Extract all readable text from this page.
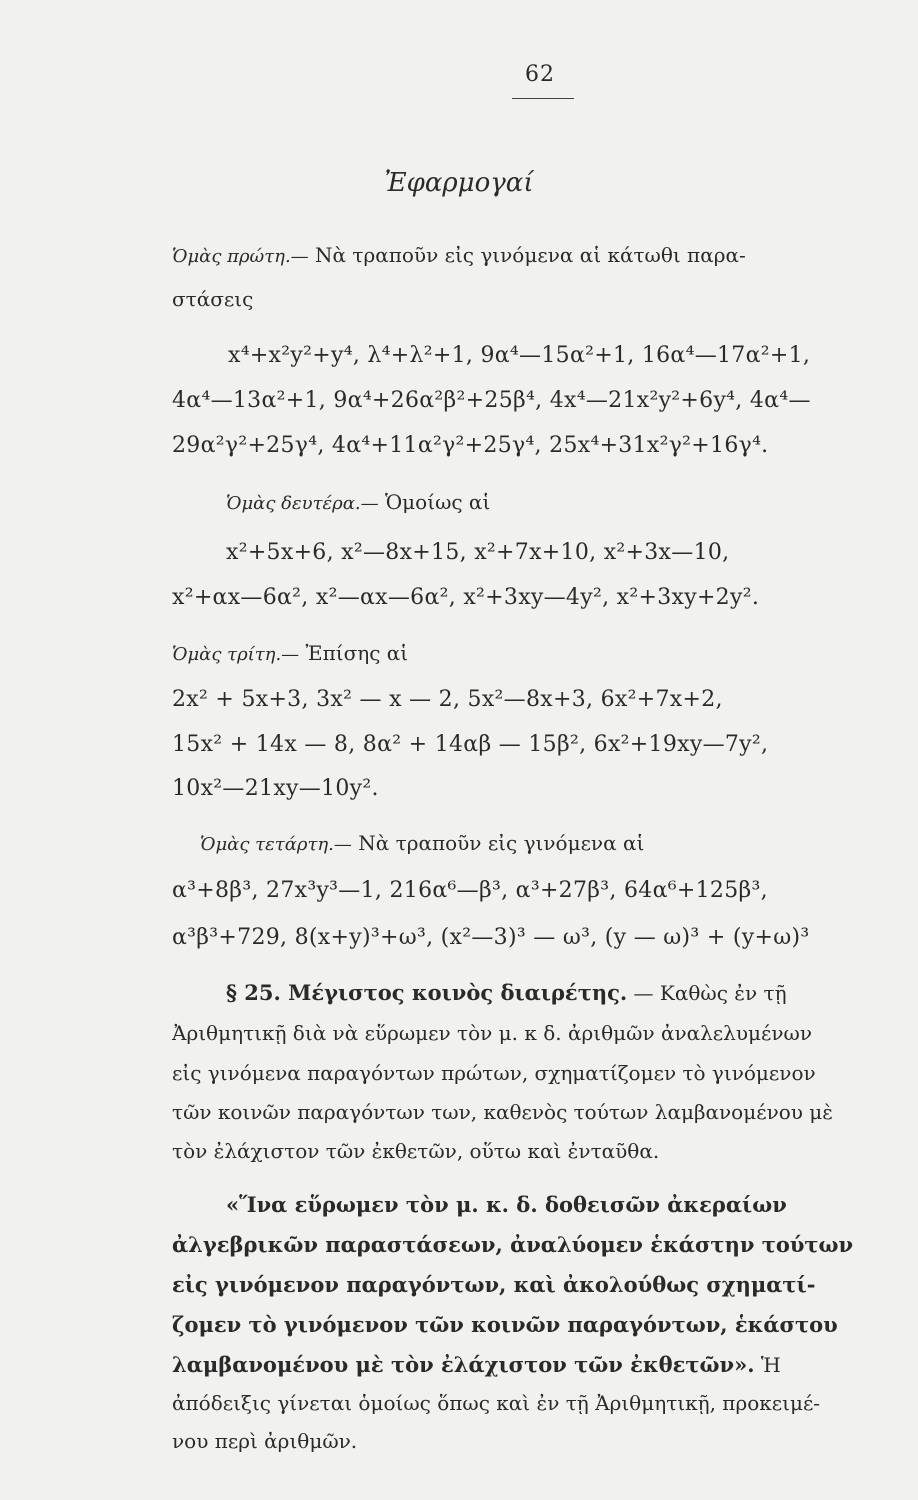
62
Ἐφαρμογαί
Ὁμὰς πρώτη.— Νὰ τραποῦν εἰς γινόμενα αἱ κάτωθι παρα-
στάσεις
x⁴+x²y²+y⁴, λ⁴+λ²+1, 9α⁴—15α²+1, 16α⁴—17α²+1,
4α⁴—13α²+1, 9α⁴+26α²β²+25β⁴, 4x⁴—21x²y²+6y⁴, 4α⁴—
29α²γ²+25γ⁴, 4α⁴+11α²γ²+25γ⁴, 25x⁴+31x²γ²+16γ⁴.
Ὁμὰς δευτέρα.— Ὁμοίως αἱ
x²+5x+6, x²—8x+15, x²+7x+10, x²+3x—10,
x²+αx—6α², x²—αx—6α², x²+3xy—4y², x²+3xy+2y².
Ὁμὰς τρίτη.— Ἐπίσης αἱ
2x² + 5x+3, 3x² — x — 2, 5x²—8x+3, 6x²+7x+2,
15x² + 14x — 8, 8α² + 14αβ — 15β², 6x²+19xy—7y²,
10x²—21xy—10y².
Ὁμὰς τετάρτη.— Νὰ τραποῦν εἰς γινόμενα αἱ
α³+8β³, 27x³y³—1, 216α⁶—β³, α³+27β³, 64α⁶+125β³,
α³β³+729, 8(x+y)³+ω³, (x²—3)³ — ω³, (y — ω)³ + (y+ω)³
§ 25. Μέγιστος κοινὸς διαιρέτης. — Καθὼς ἐν τῇ
Ἀριθμητικῇ διὰ νὰ εὕρωμεν τὸν μ. κ δ. ἀριθμῶν ἀναλελυμένων
εἰς γινόμενα παραγόντων πρώτων, σχηματίζομεν τὸ γινόμενον
τῶν κοινῶν παραγόντων των, καθενὸς τούτων λαμβανομένου μὲ
τὸν ἐλάχιστον τῶν ἐκθετῶν, οὕτω καὶ ἐνταῦθα.
«Ἵνα εὕρωμεν τὸν μ. κ. δ. δοθεισῶν ἀκεραίων
ἀλγεβρικῶν παραστάσεων, ἀναλύομεν ἑκάστην τούτων
εἰς γινόμενον παραγόντων, καὶ ἀκολούθως σχηματί-
ζομεν τὸ γινόμενον τῶν κοινῶν παραγόντων, ἑκάστου
λαμβανομένου μὲ τὸν ἐλάχιστον τῶν ἐκθετῶν». Ἡ
ἀπόδειξις γίνεται ὁμοίως ὅπως καὶ ἐν τῇ Ἀριθμητικῇ, προκειμέ-
νου περὶ ἀριθμῶν.
